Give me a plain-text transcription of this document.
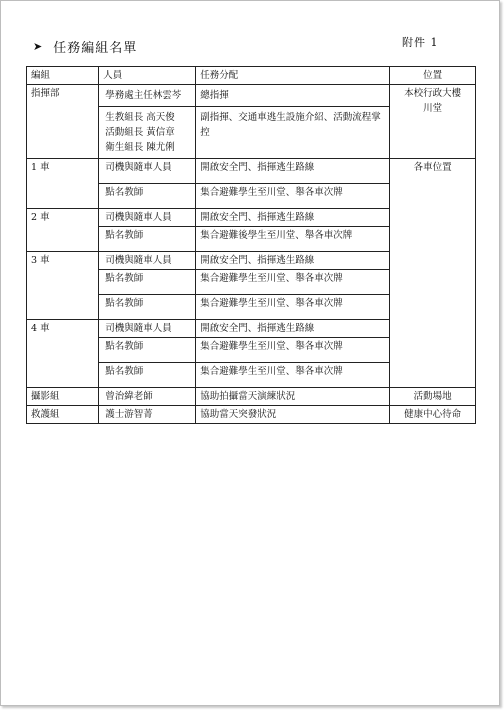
➤ 任務編組名單	附件 1
編組	人員	任務分配	位置
指揮部	學務處主任林雲芩	總指揮	本校行政大樓川堂

	生教組長 高天俊
活動組長 黃信章
衛生組長 陳尤俐	副指揮、交通車逃生設施介紹、活動流程掌控	
1 車	司機與隨車人員	開啟安全門、指揮逃生路線	各車位置
	點名教師	集合避難學生至川堂、舉各車次牌	
2 車	司機與隨車人員	開啟安全門、指揮逃生路線	
	點名教師	集合避難後學生至川堂、舉各車次牌	
3 車	司機與隨車人員	開啟安全門、指揮逃生路線	
	點名教師	集合避難學生至川堂、舉各車次牌	
	點名教師	集合避難學生至川堂、舉各車次牌	
4 車	司機與隨車人員	開啟安全門、指揮逃生路線	
	點名教師	集合避難學生至川堂、舉各車次牌	
	點名教師	集合避難學生至川堂、舉各車次牌	
攝影組	曾治緯老師	協助拍攝當天演練狀況	活動場地
救護組	護士游智菁	協助當天突發狀況	健康中心待命
